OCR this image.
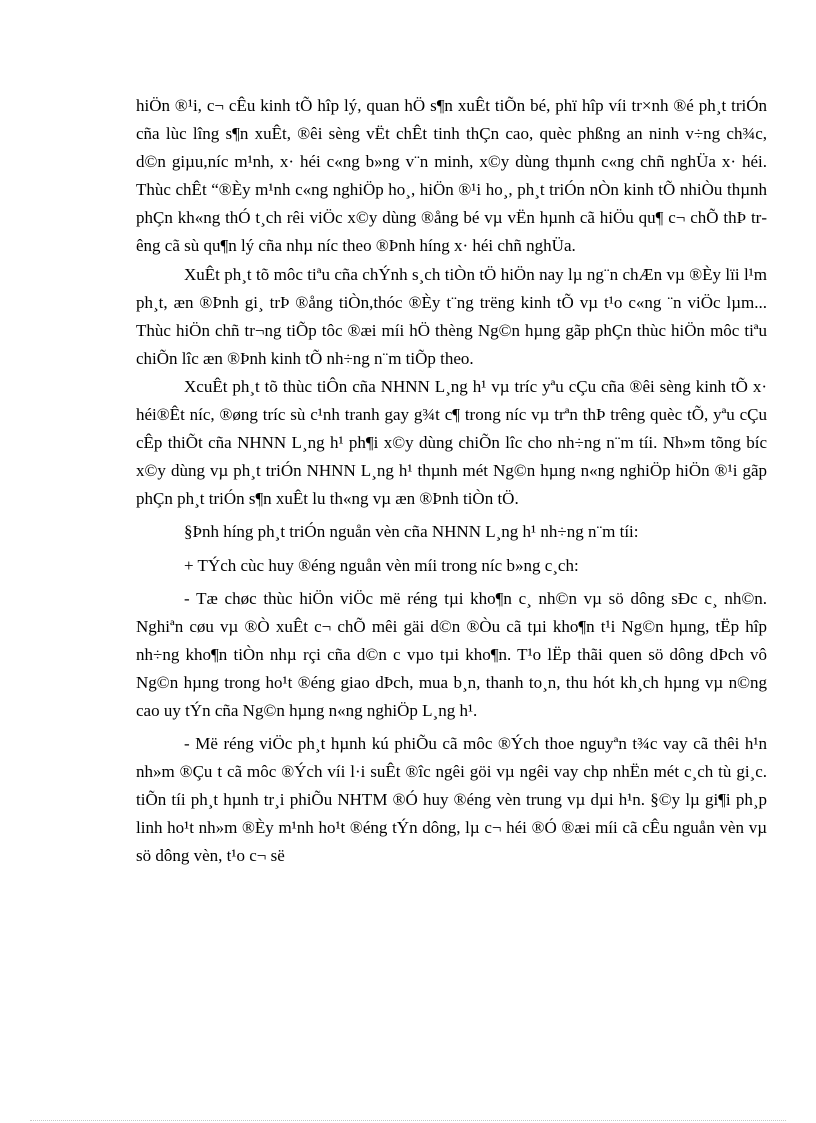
hiÖn ®¹i, c¬ cÊu kinh tÕ hîp lý, quan hÖ s¶n xuÊt tiÕn bé, phï hîp víi tr×nh ®é ph¸t triÓn cña lùc lîng s¶n xuÊt, ®êi sèng vËt chÊt tinh thÇn cao, quèc phßng an ninh v÷ng ch¾c, d©n giµu,níc m¹nh, x· héi c«ng b»ng v¨n minh, x©y dùng thµnh c«ng chñ nghÜa x· héi. Thùc chÊt “®Èy m¹nh c«ng nghiÖp ho¸, hiÖn ®¹i ho¸, ph¸t triÓn nÒn kinh tÕ nhiÒu thµnh phÇn kh«ng thÓ t¸ch rêi viÖc x©y dùng ®ång bé vµ vËn hµnh cã hiÖu qu¶ c¬ chÕ thÞ trêng cã sù qu¶n lý cña nhµ níc theo ®Þnh híng x· héi chñ nghÜa.

XuÊt ph¸t tõ môc tiªu cña chÝnh s¸ch tiÒn tÖ hiÖn nay lµ ng¨n chÆn vµ ®Èy lïi l¹m ph¸t, æn ®Þnh gi¸ trÞ ®ång tiÒn,thóc ®Èy t¨ng trëng kinh tÕ vµ t¹o c«ng ¨n viÖc lµm... Thùc hiÖn chñ tr¬ng tiÕp tôc ®æi míi hÖ thèng Ng©n hµng gãp phÇn thùc hiÖn môc tiªu chiÕn lîc æn ®Þnh kinh tÕ nh÷ng n¨m tiÕp theo.

XcuÊt ph¸t tõ thùc tiÔn cña NHNN L¸ng h¹ vµ tríc yªu cÇu cña ®êi sèng kinh tÕ x· héi®Êt níc, ®øng tríc sù c¹nh tranh gay g¾t c¶ trong níc vµ trªn thÞ trêng quèc tÕ, yªu cÇu cÊp thiÕt cña NHNN L¸ng h¹ ph¶i x©y dùng chiÕn lîc cho nh÷ng n¨m tíi. Nh»m tõng bíc x©y dùng vµ ph¸t triÓn NHNN L¸ng h¹ thµnh mét Ng©n hµng n«ng nghiÖp hiÖn ®¹i gãp phÇn ph¸t triÓn s¶n xuÊt lu th«ng vµ æn ®Þnh tiÒn tÖ.

§Þnh híng ph¸t triÓn nguån vèn cña NHNN L¸ng h¹ nh÷ng n¨m tíi:

+ TÝch cùc huy ®éng nguån vèn míi trong níc b»ng c¸ch:

- Tæ chøc thùc hiÖn viÖc më réng tµi kho¶n c¸ nh©n vµ sö dông sÐc c¸ nh©n. Nghiªn cøu vµ ®Ò xuÊt c¬ chÕ mêi gäi d©n ®Òu cã tµi kho¶n t¹i Ng©n hµng, tËp hîp nh÷ng kho¶n tiÒn nhµ rçi cña d©n c vµo tµi kho¶n. T¹o lËp thãi quen sö dông dÞch vô Ng©n hµng trong ho¹t ®éng giao dÞch, mua b¸n, thanh to¸n, thu hót kh¸ch hµng vµ n©ng cao uy tÝn cña Ng©n hµng n«ng nghiÖp L¸ng h¹.

- Më réng viÖc ph¸t hµnh kú phiÕu cã môc ®Ých thoe nguyªn t¾c vay cã thêi h¹n nh»m ®Çu t cã môc ®Ých víi l·i suÊt ®îc ngêi göi vµ ngêi vay chp nhËn mét c¸ch tù gi¸c. tiÕn tíi ph¸t hµnh tr¸i phiÕu NHTM ®Ó huy ®éng vèn trung vµ dµi h¹n. §©y lµ gi¶i ph¸p linh ho¹t nh»m ®Èy m¹nh ho¹t ®éng tÝn dông, lµ c¬ héi ®Ó ®æi míi cã cÊu nguån vèn vµ sö dông vèn, t¹o c¬ së
